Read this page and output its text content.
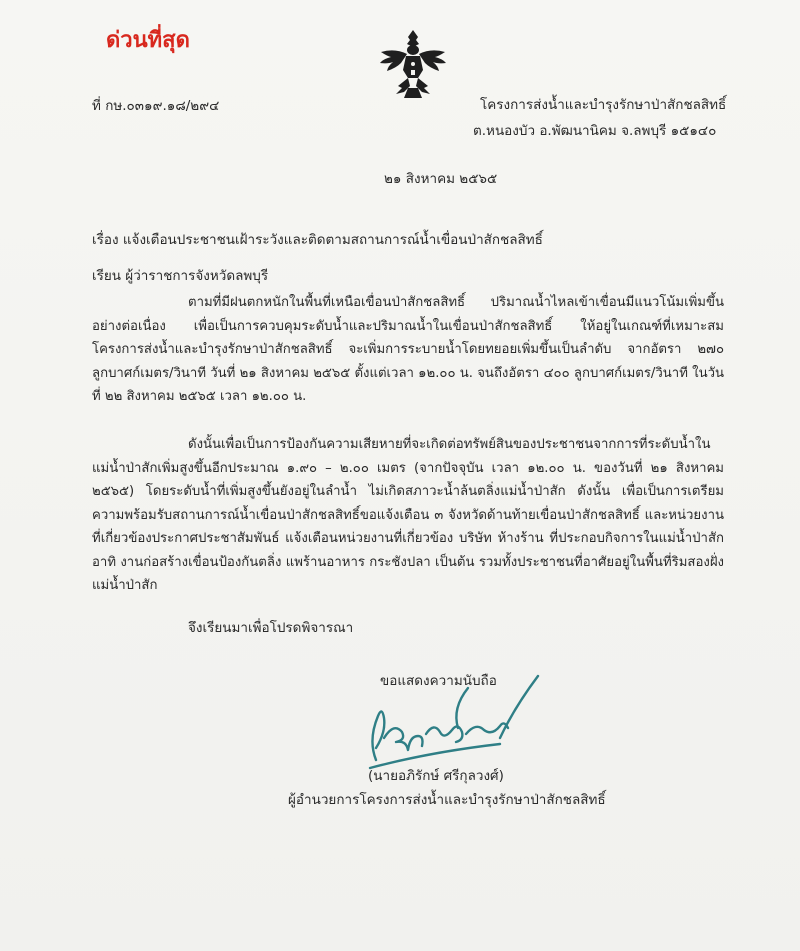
ด่วนที่สุด
ที่ กษ.๐๓๑๙.๑๘/๒๙๔	โครงการส่งน้ำและบำรุงรักษาป่าสักชลสิทธิ์
ต.หนองบัว อ.พัฒนานิคม จ.ลพบุรี ๑๕๑๔๐
๒๑ สิงหาคม ๒๕๖๕
เรื่อง แจ้งเตือนประชาชนเฝ้าระวังและติดตามสถานการณ์น้ำเขื่อนป่าสักชลสิทธิ์
เรียน ผู้ว่าราชการจังหวัดลพบุรี
ตามที่มีฝนตกหนักในพื้นที่เหนือเขื่อนป่าสักชลสิทธิ์ ปริมาณน้ำไหลเข้าเขื่อนมีแนวโน้มเพิ่มขึ้นอย่างต่อเนื่อง เพื่อเป็นการควบคุมระดับน้ำและปริมาณน้ำในเขื่อนป่าสักชลสิทธิ์ ให้อยู่ในเกณฑ์ที่เหมาะสม โครงการส่งน้ำและบำรุงรักษาป่าสักชลสิทธิ์ จะเพิ่มการระบายน้ำโดยทยอยเพิ่มขึ้นเป็นลำดับ จากอัตรา ๒๗๐ ลูกบาศก์เมตร/วินาที วันที่ ๒๑ สิงหาคม ๒๕๖๕ ตั้งแต่เวลา ๑๒.๐๐ น. จนถึงอัตรา ๔๐๐ ลูกบาศก์เมตร/วินาที ในวันที่ ๒๒ สิงหาคม ๒๕๖๕ เวลา ๑๒.๐๐ น.
ดังนั้นเพื่อเป็นการป้องกันความเสียหายที่จะเกิดต่อทรัพย์สินของประชาชนจากการที่ระดับน้ำในแม่น้ำป่าสักเพิ่มสูงขึ้นอีกประมาณ ๑.๙๐ – ๒.๐๐ เมตร (จากปัจจุบัน เวลา ๑๒.๐๐ น. ของวันที่ ๒๑ สิงหาคม ๒๕๖๕) โดยระดับน้ำที่เพิ่มสูงขึ้นยังอยู่ในลำน้ำ ไม่เกิดสภาวะน้ำล้นตลิ่งแม่น้ำป่าสัก ดังนั้น เพื่อเป็นการเตรียมความพร้อมรับสถานการณ์น้ำเขื่อนป่าสักชลสิทธิ์ขอแจ้งเตือน ๓ จังหวัดด้านท้ายเขื่อนป่าสักชลสิทธิ์ และหน่วยงานที่เกี่ยวข้องประกาศประชาสัมพันธ์ แจ้งเตือนหน่วยงานที่เกี่ยวข้อง บริษัท ห้างร้าน ที่ประกอบกิจการในแม่น้ำป่าสัก อาทิ งานก่อสร้างเขื่อนป้องกันตลิ่ง แพร้านอาหาร กระชังปลา เป็นต้น รวมทั้งประชาชนที่อาศัยอยู่ในพื้นที่ริมสองฝั่งแม่น้ำป่าสัก
จึงเรียนมาเพื่อโปรดพิจารณา
ขอแสดงความนับถือ
(นายอภิรักษ์ ศรีกุลวงศ์)
ผู้อำนวยการโครงการส่งน้ำและบำรุงรักษาป่าสักชลสิทธิ์
